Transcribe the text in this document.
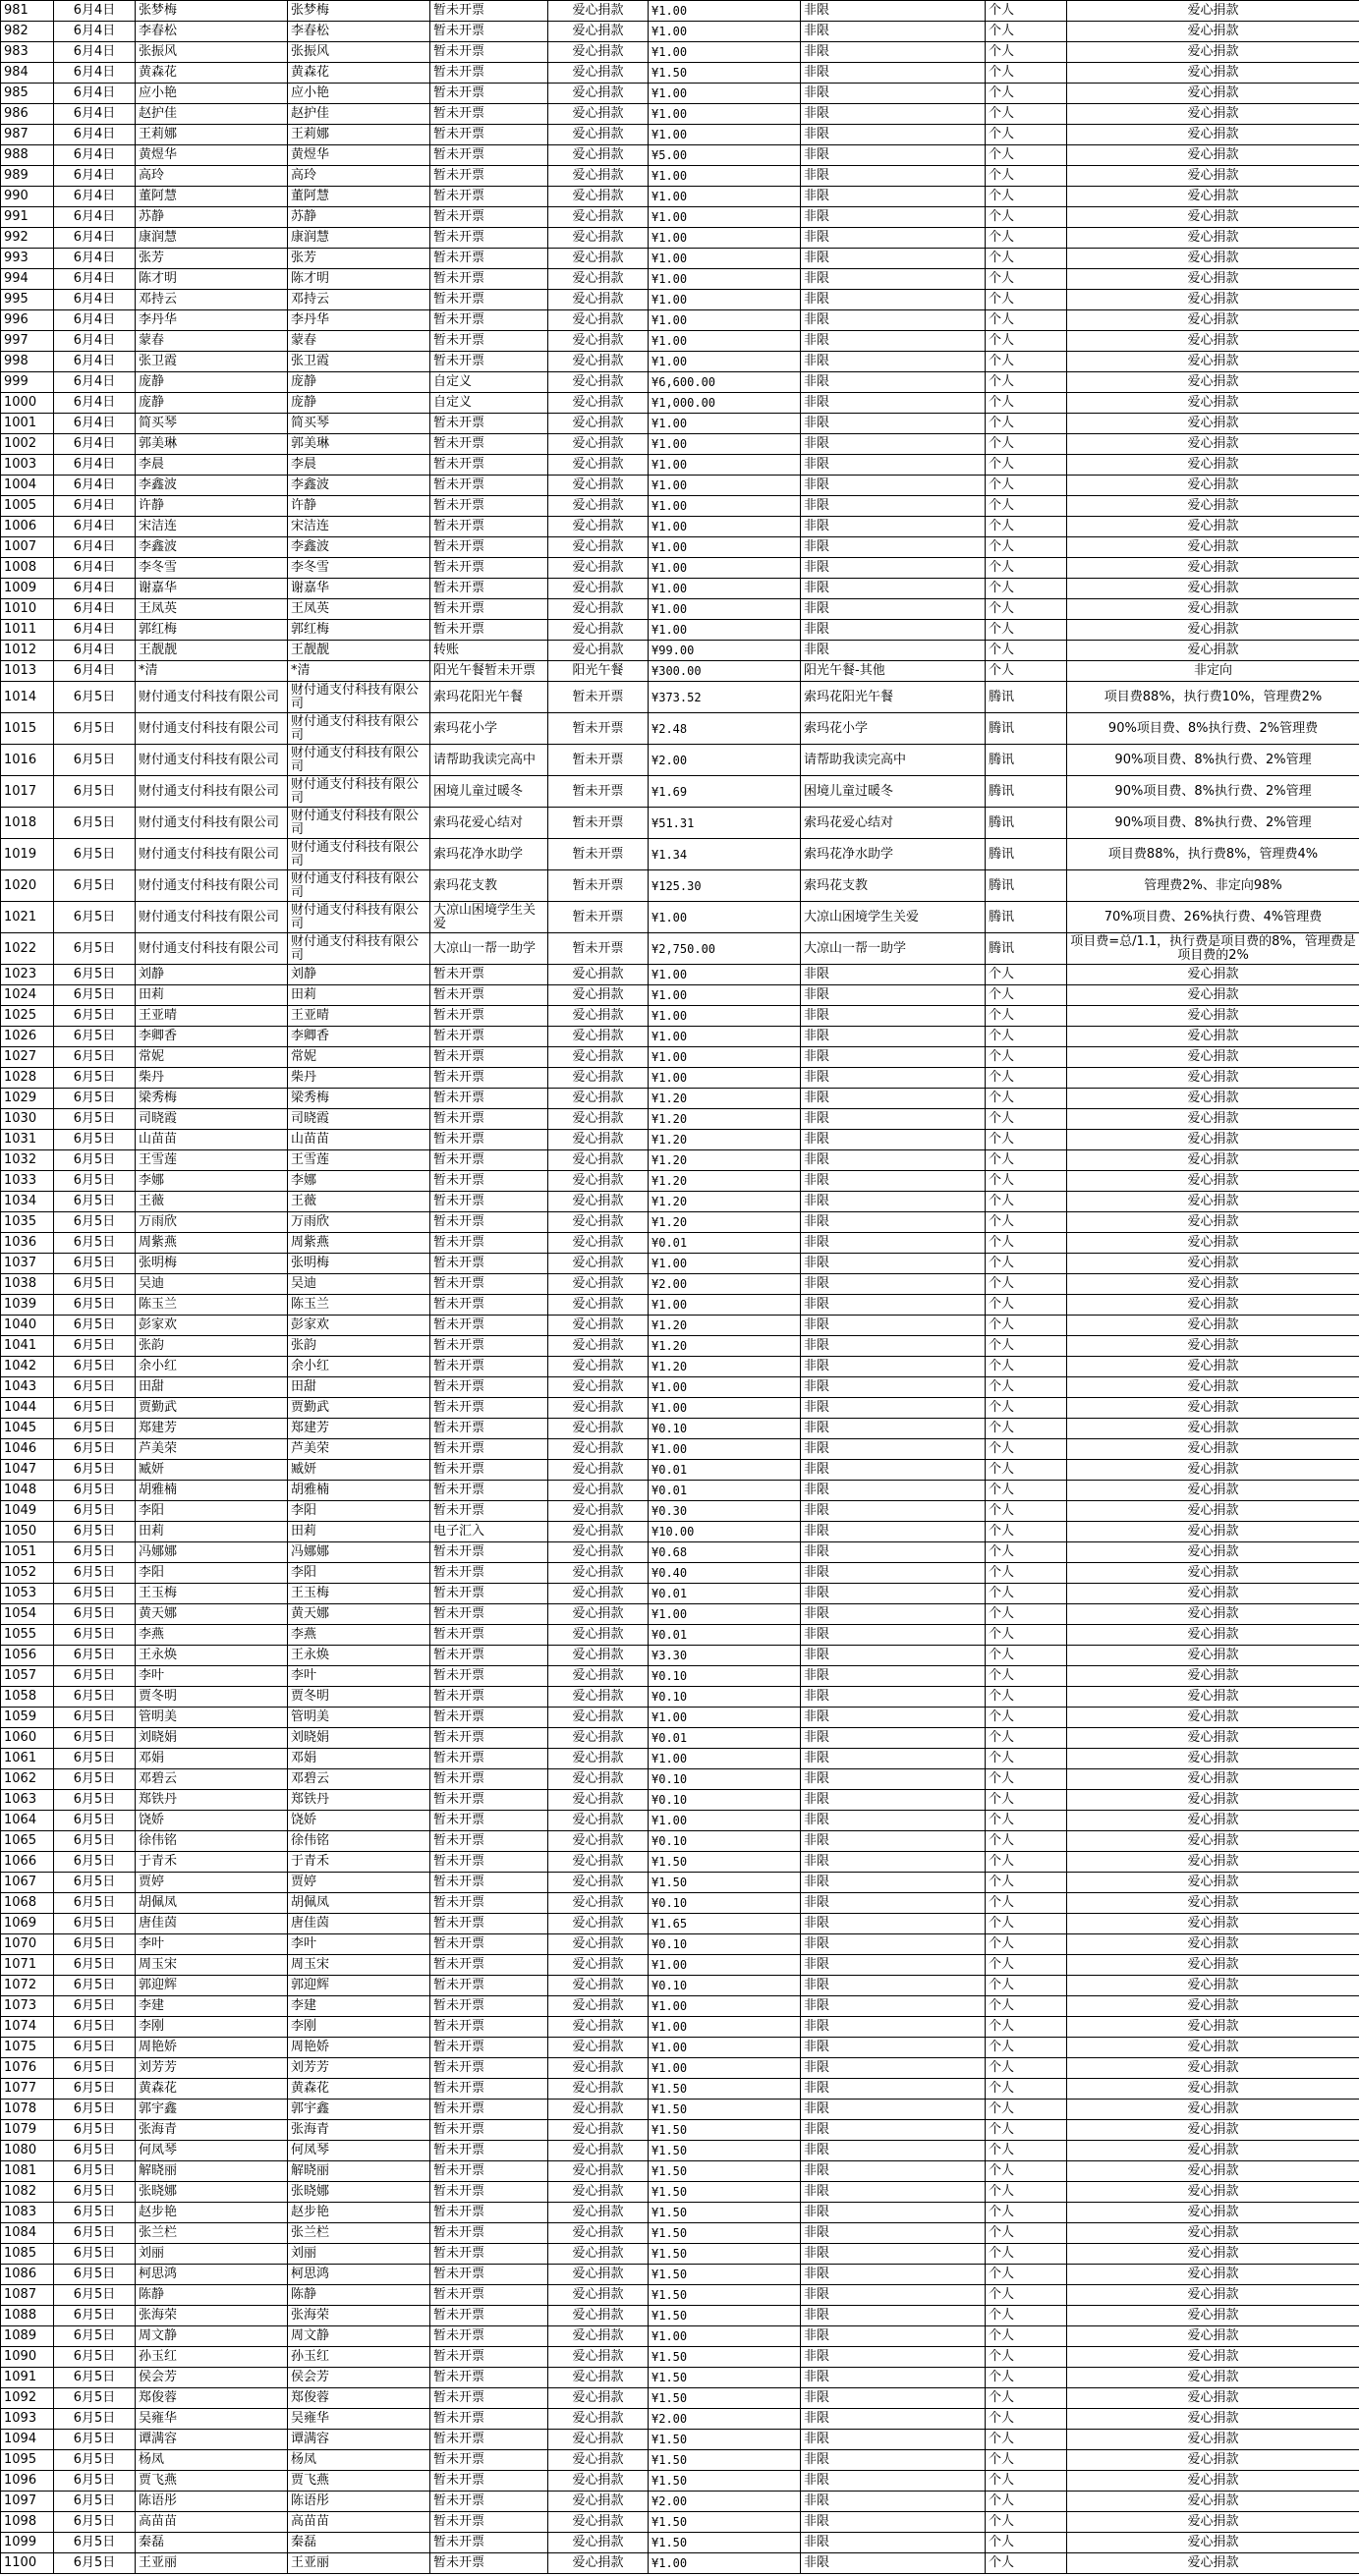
981	6月4日	张梦梅	张梦梅	暂未开票	爱心捐款	¥1.00	非限	个人	爱心捐款
982	6月4日	李春松	李春松	暂未开票	爱心捐款	¥1.00	非限	个人	爱心捐款
983	6月4日	张振风	张振风	暂未开票	爱心捐款	¥1.00	非限	个人	爱心捐款
984	6月4日	黄森花	黄森花	暂未开票	爱心捐款	¥1.50	非限	个人	爱心捐款
985	6月4日	应小艳	应小艳	暂未开票	爱心捐款	¥1.00	非限	个人	爱心捐款
986	6月4日	赵护佳	赵护佳	暂未开票	爱心捐款	¥1.00	非限	个人	爱心捐款
987	6月4日	王莉娜	王莉娜	暂未开票	爱心捐款	¥1.00	非限	个人	爱心捐款
988	6月4日	黄煜华	黄煜华	暂未开票	爱心捐款	¥5.00	非限	个人	爱心捐款
989	6月4日	高玲	高玲	暂未开票	爱心捐款	¥1.00	非限	个人	爱心捐款
990	6月4日	董阿慧	董阿慧	暂未开票	爱心捐款	¥1.00	非限	个人	爱心捐款
991	6月4日	苏静	苏静	暂未开票	爱心捐款	¥1.00	非限	个人	爱心捐款
992	6月4日	康润慧	康润慧	暂未开票	爱心捐款	¥1.00	非限	个人	爱心捐款
993	6月4日	张芳	张芳	暂未开票	爱心捐款	¥1.00	非限	个人	爱心捐款
994	6月4日	陈才明	陈才明	暂未开票	爱心捐款	¥1.00	非限	个人	爱心捐款
995	6月4日	邓持云	邓持云	暂未开票	爱心捐款	¥1.00	非限	个人	爱心捐款
996	6月4日	李丹华	李丹华	暂未开票	爱心捐款	¥1.00	非限	个人	爱心捐款
997	6月4日	蒙春	蒙春	暂未开票	爱心捐款	¥1.00	非限	个人	爱心捐款
998	6月4日	张卫霞	张卫霞	暂未开票	爱心捐款	¥1.00	非限	个人	爱心捐款
999	6月4日	庞静	庞静	自定义	爱心捐款	¥6,600.00	非限	个人	爱心捐款
1000	6月4日	庞静	庞静	自定义	爱心捐款	¥1,000.00	非限	个人	爱心捐款
1001	6月4日	简买琴	简买琴	暂未开票	爱心捐款	¥1.00	非限	个人	爱心捐款
1002	6月4日	郭美琳	郭美琳	暂未开票	爱心捐款	¥1.00	非限	个人	爱心捐款
1003	6月4日	李晨	李晨	暂未开票	爱心捐款	¥1.00	非限	个人	爱心捐款
1004	6月4日	李鑫波	李鑫波	暂未开票	爱心捐款	¥1.00	非限	个人	爱心捐款
1005	6月4日	许静	许静	暂未开票	爱心捐款	¥1.00	非限	个人	爱心捐款
1006	6月4日	宋洁连	宋洁连	暂未开票	爱心捐款	¥1.00	非限	个人	爱心捐款
1007	6月4日	李鑫波	李鑫波	暂未开票	爱心捐款	¥1.00	非限	个人	爱心捐款
1008	6月4日	李冬雪	李冬雪	暂未开票	爱心捐款	¥1.00	非限	个人	爱心捐款
1009	6月4日	谢嘉华	谢嘉华	暂未开票	爱心捐款	¥1.00	非限	个人	爱心捐款
1010	6月4日	王凤英	王凤英	暂未开票	爱心捐款	¥1.00	非限	个人	爱心捐款
1011	6月4日	郭红梅	郭红梅	暂未开票	爱心捐款	¥1.00	非限	个人	爱心捐款
1012	6月4日	王靓靓	王靓靓	转账	爱心捐款	¥99.00	非限	个人	爱心捐款
1013	6月4日	*清	*清	阳光午餐暂未开票	阳光午餐	¥300.00	阳光午餐-其他	个人	非定向
1014	6月5日	财付通支付科技有限公司	财付通支付科技有限公司	索玛花阳光午餐	暂未开票	¥373.52	索玛花阳光午餐	腾讯	项目费88%，执行费10%，管理费2%
1015	6月5日	财付通支付科技有限公司	财付通支付科技有限公司	索玛花小学	暂未开票	¥2.48	索玛花小学	腾讯	90%项目费、8%执行费、2%管理费
1016	6月5日	财付通支付科技有限公司	财付通支付科技有限公司	请帮助我读完高中	暂未开票	¥2.00	请帮助我读完高中	腾讯	90%项目费、8%执行费、2%管理
1017	6月5日	财付通支付科技有限公司	财付通支付科技有限公司	困境儿童过暖冬	暂未开票	¥1.69	困境儿童过暖冬	腾讯	90%项目费、8%执行费、2%管理
1018	6月5日	财付通支付科技有限公司	财付通支付科技有限公司	索玛花爱心结对	暂未开票	¥51.31	索玛花爱心结对	腾讯	90%项目费、8%执行费、2%管理
1019	6月5日	财付通支付科技有限公司	财付通支付科技有限公司	索玛花净水助学	暂未开票	¥1.34	索玛花净水助学	腾讯	项目费88%，执行费8%，管理费4%
1020	6月5日	财付通支付科技有限公司	财付通支付科技有限公司	索玛花支教	暂未开票	¥125.30	索玛花支教	腾讯	管理费2%、非定向98%
1021	6月5日	财付通支付科技有限公司	财付通支付科技有限公司	大凉山困境学生关爱	暂未开票	¥1.00	大凉山困境学生关爱	腾讯	70%项目费、26%执行费、4%管理费
1022	6月5日	财付通支付科技有限公司	财付通支付科技有限公司	大凉山一帮一助学	暂未开票	¥2,750.00	大凉山一帮一助学	腾讯	项目费=总/1.1，执行费是项目费的8%，管理费是项目费的2%
1023	6月5日	刘静	刘静	暂未开票	爱心捐款	¥1.00	非限	个人	爱心捐款
1024	6月5日	田莉	田莉	暂未开票	爱心捐款	¥1.00	非限	个人	爱心捐款
1025	6月5日	王亚晴	王亚晴	暂未开票	爱心捐款	¥1.00	非限	个人	爱心捐款
1026	6月5日	李卿香	李卿香	暂未开票	爱心捐款	¥1.00	非限	个人	爱心捐款
1027	6月5日	常妮	常妮	暂未开票	爱心捐款	¥1.00	非限	个人	爱心捐款
1028	6月5日	柴丹	柴丹	暂未开票	爱心捐款	¥1.00	非限	个人	爱心捐款
1029	6月5日	梁秀梅	梁秀梅	暂未开票	爱心捐款	¥1.20	非限	个人	爱心捐款
1030	6月5日	司晓霞	司晓霞	暂未开票	爱心捐款	¥1.20	非限	个人	爱心捐款
1031	6月5日	山苗苗	山苗苗	暂未开票	爱心捐款	¥1.20	非限	个人	爱心捐款
1032	6月5日	王雪莲	王雪莲	暂未开票	爱心捐款	¥1.20	非限	个人	爱心捐款
1033	6月5日	李娜	李娜	暂未开票	爱心捐款	¥1.20	非限	个人	爱心捐款
1034	6月5日	王薇	王薇	暂未开票	爱心捐款	¥1.20	非限	个人	爱心捐款
1035	6月5日	万雨欣	万雨欣	暂未开票	爱心捐款	¥1.20	非限	个人	爱心捐款
1036	6月5日	周紫燕	周紫燕	暂未开票	爱心捐款	¥0.01	非限	个人	爱心捐款
1037	6月5日	张明梅	张明梅	暂未开票	爱心捐款	¥1.00	非限	个人	爱心捐款
1038	6月5日	吴迪	吴迪	暂未开票	爱心捐款	¥2.00	非限	个人	爱心捐款
1039	6月5日	陈玉兰	陈玉兰	暂未开票	爱心捐款	¥1.00	非限	个人	爱心捐款
1040	6月5日	彭家欢	彭家欢	暂未开票	爱心捐款	¥1.20	非限	个人	爱心捐款
1041	6月5日	张韵	张韵	暂未开票	爱心捐款	¥1.20	非限	个人	爱心捐款
1042	6月5日	余小红	余小红	暂未开票	爱心捐款	¥1.20	非限	个人	爱心捐款
1043	6月5日	田甜	田甜	暂未开票	爱心捐款	¥1.00	非限	个人	爱心捐款
1044	6月5日	贾勤武	贾勤武	暂未开票	爱心捐款	¥1.00	非限	个人	爱心捐款
1045	6月5日	郑建芳	郑建芳	暂未开票	爱心捐款	¥0.10	非限	个人	爱心捐款
1046	6月5日	芦美荣	芦美荣	暂未开票	爱心捐款	¥1.00	非限	个人	爱心捐款
1047	6月5日	臧妍	臧妍	暂未开票	爱心捐款	¥0.01	非限	个人	爱心捐款
1048	6月5日	胡雅楠	胡雅楠	暂未开票	爱心捐款	¥0.01	非限	个人	爱心捐款
1049	6月5日	李阳	李阳	暂未开票	爱心捐款	¥0.30	非限	个人	爱心捐款
1050	6月5日	田莉	田莉	电子汇入	爱心捐款	¥10.00	非限	个人	爱心捐款
1051	6月5日	冯娜娜	冯娜娜	暂未开票	爱心捐款	¥0.68	非限	个人	爱心捐款
1052	6月5日	李阳	李阳	暂未开票	爱心捐款	¥0.40	非限	个人	爱心捐款
1053	6月5日	王玉梅	王玉梅	暂未开票	爱心捐款	¥0.01	非限	个人	爱心捐款
1054	6月5日	黄天娜	黄天娜	暂未开票	爱心捐款	¥1.00	非限	个人	爱心捐款
1055	6月5日	李燕	李燕	暂未开票	爱心捐款	¥0.01	非限	个人	爱心捐款
1056	6月5日	王永焕	王永焕	暂未开票	爱心捐款	¥3.30	非限	个人	爱心捐款
1057	6月5日	李叶	李叶	暂未开票	爱心捐款	¥0.10	非限	个人	爱心捐款
1058	6月5日	贾冬明	贾冬明	暂未开票	爱心捐款	¥0.10	非限	个人	爱心捐款
1059	6月5日	管明美	管明美	暂未开票	爱心捐款	¥1.00	非限	个人	爱心捐款
1060	6月5日	刘晓娟	刘晓娟	暂未开票	爱心捐款	¥0.01	非限	个人	爱心捐款
1061	6月5日	邓娟	邓娟	暂未开票	爱心捐款	¥1.00	非限	个人	爱心捐款
1062	6月5日	邓碧云	邓碧云	暂未开票	爱心捐款	¥0.10	非限	个人	爱心捐款
1063	6月5日	郑铁丹	郑铁丹	暂未开票	爱心捐款	¥0.10	非限	个人	爱心捐款
1064	6月5日	饶娇	饶娇	暂未开票	爱心捐款	¥1.00	非限	个人	爱心捐款
1065	6月5日	徐伟铭	徐伟铭	暂未开票	爱心捐款	¥0.10	非限	个人	爱心捐款
1066	6月5日	于青禾	于青禾	暂未开票	爱心捐款	¥1.50	非限	个人	爱心捐款
1067	6月5日	贾婷	贾婷	暂未开票	爱心捐款	¥1.50	非限	个人	爱心捐款
1068	6月5日	胡佩凤	胡佩凤	暂未开票	爱心捐款	¥0.10	非限	个人	爱心捐款
1069	6月5日	唐佳茵	唐佳茵	暂未开票	爱心捐款	¥1.65	非限	个人	爱心捐款
1070	6月5日	李叶	李叶	暂未开票	爱心捐款	¥0.10	非限	个人	爱心捐款
1071	6月5日	周玉宋	周玉宋	暂未开票	爱心捐款	¥1.00	非限	个人	爱心捐款
1072	6月5日	郭迎辉	郭迎辉	暂未开票	爱心捐款	¥0.10	非限	个人	爱心捐款
1073	6月5日	李建	李建	暂未开票	爱心捐款	¥1.00	非限	个人	爱心捐款
1074	6月5日	李刚	李刚	暂未开票	爱心捐款	¥1.00	非限	个人	爱心捐款
1075	6月5日	周艳娇	周艳娇	暂未开票	爱心捐款	¥1.00	非限	个人	爱心捐款
1076	6月5日	刘芳芳	刘芳芳	暂未开票	爱心捐款	¥1.00	非限	个人	爱心捐款
1077	6月5日	黄森花	黄森花	暂未开票	爱心捐款	¥1.50	非限	个人	爱心捐款
1078	6月5日	郭宇鑫	郭宇鑫	暂未开票	爱心捐款	¥1.50	非限	个人	爱心捐款
1079	6月5日	张海青	张海青	暂未开票	爱心捐款	¥1.50	非限	个人	爱心捐款
1080	6月5日	何凤琴	何凤琴	暂未开票	爱心捐款	¥1.50	非限	个人	爱心捐款
1081	6月5日	解晓丽	解晓丽	暂未开票	爱心捐款	¥1.50	非限	个人	爱心捐款
1082	6月5日	张晓娜	张晓娜	暂未开票	爱心捐款	¥1.50	非限	个人	爱心捐款
1083	6月5日	赵步艳	赵步艳	暂未开票	爱心捐款	¥1.50	非限	个人	爱心捐款
1084	6月5日	张兰栏	张兰栏	暂未开票	爱心捐款	¥1.50	非限	个人	爱心捐款
1085	6月5日	刘丽	刘丽	暂未开票	爱心捐款	¥1.50	非限	个人	爱心捐款
1086	6月5日	柯思鸿	柯思鸿	暂未开票	爱心捐款	¥1.50	非限	个人	爱心捐款
1087	6月5日	陈静	陈静	暂未开票	爱心捐款	¥1.50	非限	个人	爱心捐款
1088	6月5日	张海荣	张海荣	暂未开票	爱心捐款	¥1.50	非限	个人	爱心捐款
1089	6月5日	周文静	周文静	暂未开票	爱心捐款	¥1.00	非限	个人	爱心捐款
1090	6月5日	孙玉红	孙玉红	暂未开票	爱心捐款	¥1.50	非限	个人	爱心捐款
1091	6月5日	侯会芳	侯会芳	暂未开票	爱心捐款	¥1.50	非限	个人	爱心捐款
1092	6月5日	郑俊蓉	郑俊蓉	暂未开票	爱心捐款	¥1.50	非限	个人	爱心捐款
1093	6月5日	吴雍华	吴雍华	暂未开票	爱心捐款	¥2.00	非限	个人	爱心捐款
1094	6月5日	谭满容	谭满容	暂未开票	爱心捐款	¥1.50	非限	个人	爱心捐款
1095	6月5日	杨凤	杨凤	暂未开票	爱心捐款	¥1.50	非限	个人	爱心捐款
1096	6月5日	贾飞燕	贾飞燕	暂未开票	爱心捐款	¥1.50	非限	个人	爱心捐款
1097	6月5日	陈语彤	陈语彤	暂未开票	爱心捐款	¥2.00	非限	个人	爱心捐款
1098	6月5日	高苗苗	高苗苗	暂未开票	爱心捐款	¥1.50	非限	个人	爱心捐款
1099	6月5日	秦磊	秦磊	暂未开票	爱心捐款	¥1.50	非限	个人	爱心捐款
1100	6月5日	王亚丽	王亚丽	暂未开票	爱心捐款	¥1.00	非限	个人	爱心捐款
